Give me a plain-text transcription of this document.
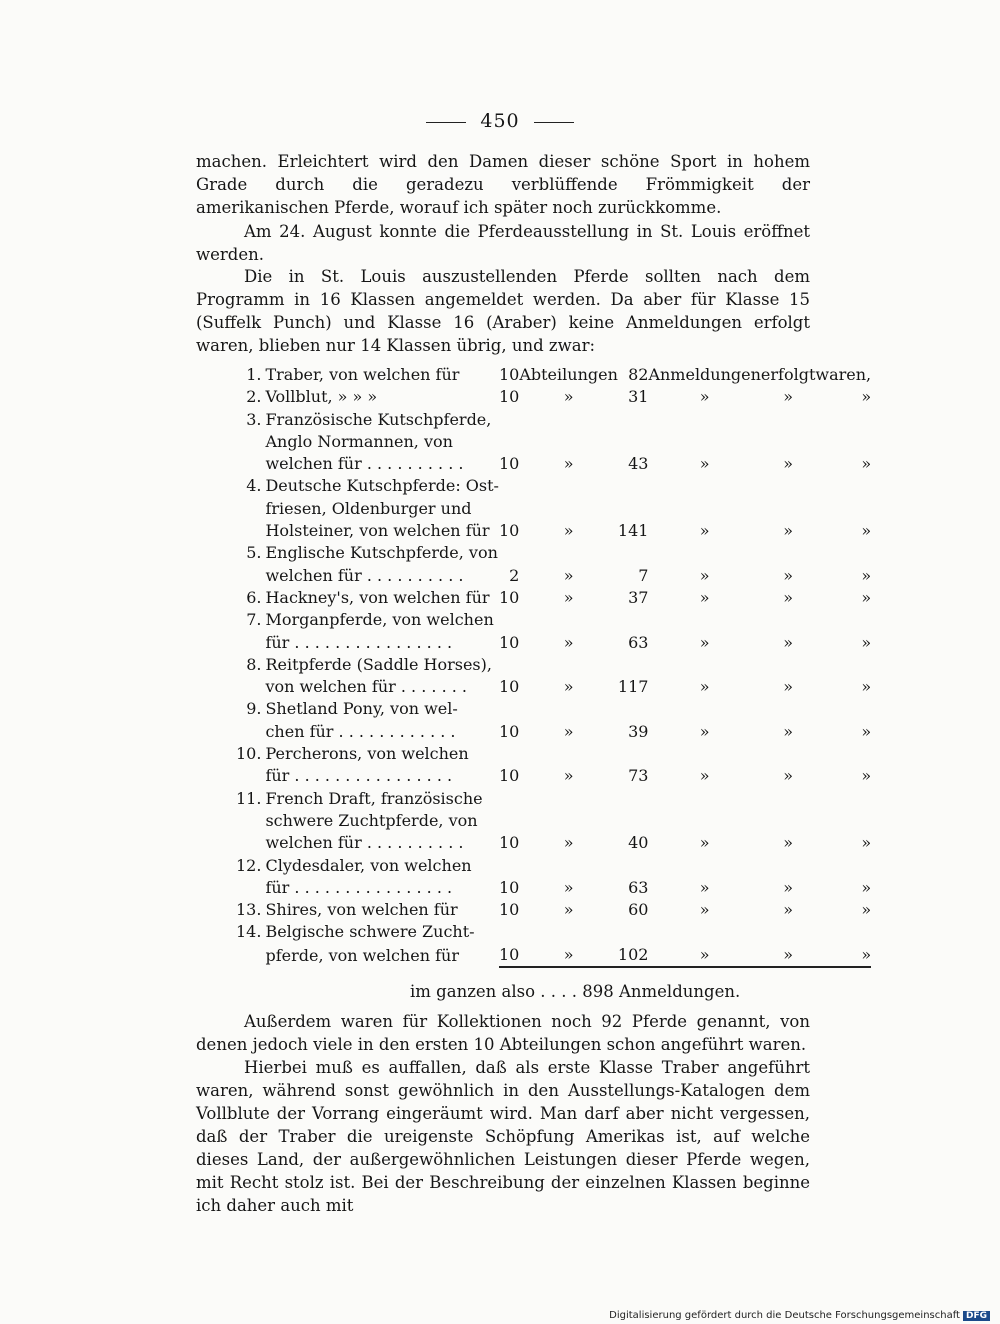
450

machen. Erleichtert wird den Damen dieser schöne Sport in hohem Grade durch die geradezu verblüffende Frömmigkeit der amerikanischen Pferde, worauf ich später noch zurückkomme.

Am 24. August konnte die Pferdeausstellung in St. Louis eröffnet werden.

Die in St. Louis auszustellenden Pferde sollten nach dem Programm in 16 Klassen angemeldet werden. Da aber für Klasse 15 (Suffelk Punch) und Klasse 16 (Araber) keine Anmeldungen erfolgt waren, blieben nur 14 Klassen übrig, und zwar:

1.	Traber, von welchen für	10	Abteilungen	82	Anmeldungen	erfolgt	waren,
2.	Vollblut, » » »	10	»	31	»	»	»
3.	Französische Kutschpferde,						
	Anglo Normannen, von						
	welchen für . . . . . . . . . .	10	»	43	»	»	»
4.	Deutsche Kutschpferde: Ost-						
	friesen, Oldenburger und						
	Holsteiner, von welchen für	10	»	141	»	»	»
5.	Englische Kutschpferde, von						
	welchen für . . . . . . . . . .	2	»	7	»	»	»
6.	Hackney's, von welchen für	10	»	37	»	»	»
7.	Morganpferde, von welchen						
	für . . . . . . . . . . . . . . . .	10	»	63	»	»	»
8.	Reitpferde (Saddle Horses),						
	von welchen für . . . . . . .	10	»	117	»	»	»
9.	Shetland Pony, von wel-						
	chen für . . . . . . . . . . . .	10	»	39	»	»	»
10.	Percherons, von welchen						
	für . . . . . . . . . . . . . . . .	10	»	73	»	»	»
11.	French Draft, französische						
	schwere Zuchtpferde, von						
	welchen für . . . . . . . . . .	10	»	40	»	»	»
12.	Clydesdaler, von welchen						
	für . . . . . . . . . . . . . . . .	10	»	63	»	»	»
13.	Shires, von welchen für	10	»	60	»	»	»
14.	Belgische schwere Zucht-						
	pferde, von welchen für	10	»	102	»	»	»
im ganzen also . . . . 898 Anmeldungen.

Außerdem waren für Kollektionen noch 92 Pferde genannt, von denen jedoch viele in den ersten 10 Abteilungen schon angeführt waren.

Hierbei muß es auffallen, daß als erste Klasse Traber angeführt waren, während sonst gewöhnlich in den Ausstellungs-Katalogen dem Vollblute der Vorrang eingeräumt wird. Man darf aber nicht vergessen, daß der Traber die ureigenste Schöpfung Amerikas ist, auf welche dieses Land, der außergewöhnlichen Leistungen dieser Pferde wegen, mit Recht stolz ist. Bei der Beschreibung der einzelnen Klassen beginne ich daher auch mit

Digitalisierung gefördert durch die Deutsche Forschungsgemeinschaft DFG
